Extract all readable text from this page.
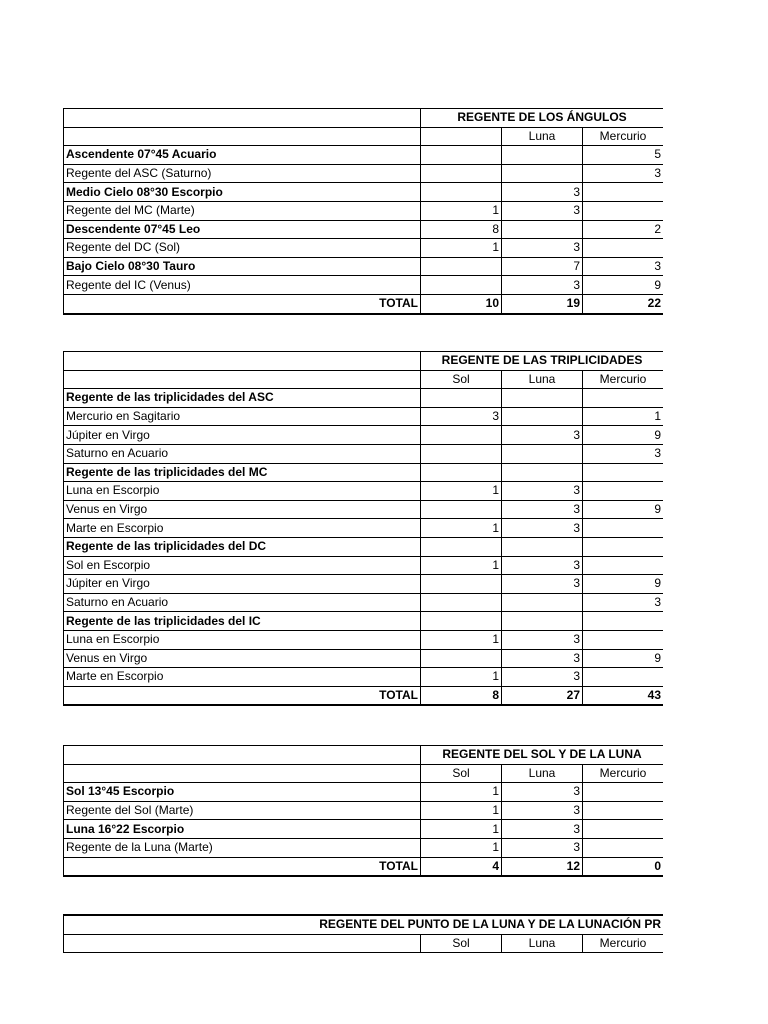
	REGENTE DE LOS ÁNGULOS		
		Luna	Mercurio
Ascendente 07°45 Acuario			5
Regente del ASC (Saturno)			3
Medio Cielo 08°30 Escorpio		3	
Regente del MC (Marte)	1	3	
Descendente 07°45 Leo	8		2
Regente del DC (Sol)	1	3	
Bajo Cielo 08°30 Tauro		7	3
Regente del IC (Venus)		3	9
TOTAL	10	19	22
	REGENTE DE LAS TRIPLICIDADES		
	Sol	Luna	Mercurio
Regente de las triplicidades del ASC			
Mercurio en Sagitario	3		1
Júpiter en Virgo		3	9
Saturno en Acuario			3
Regente de las triplicidades del MC			
Luna en Escorpio	1	3	
Venus en Virgo		3	9
Marte en Escorpio	1	3	
Regente de las triplicidades del DC			
Sol en Escorpio	1	3	
Júpiter en Virgo		3	9
Saturno en Acuario			3
Regente de las triplicidades del IC			
Luna en Escorpio	1	3	
Venus en Virgo		3	9
Marte en Escorpio	1	3	
TOTAL	8	27	43
	REGENTE DEL SOL Y DE LA LUNA		
	Sol	Luna	Mercurio
Sol 13°45 Escorpio	1	3	
Regente del Sol (Marte)	1	3	
Luna 16°22 Escorpio	1	3	
Regente de la Luna (Marte)	1	3	
TOTAL	4	12	0
REGENTE DEL PUNTO DE LA LUNA Y DE LA LUNACIÓN PR
	Sol	Luna	Mercurio
